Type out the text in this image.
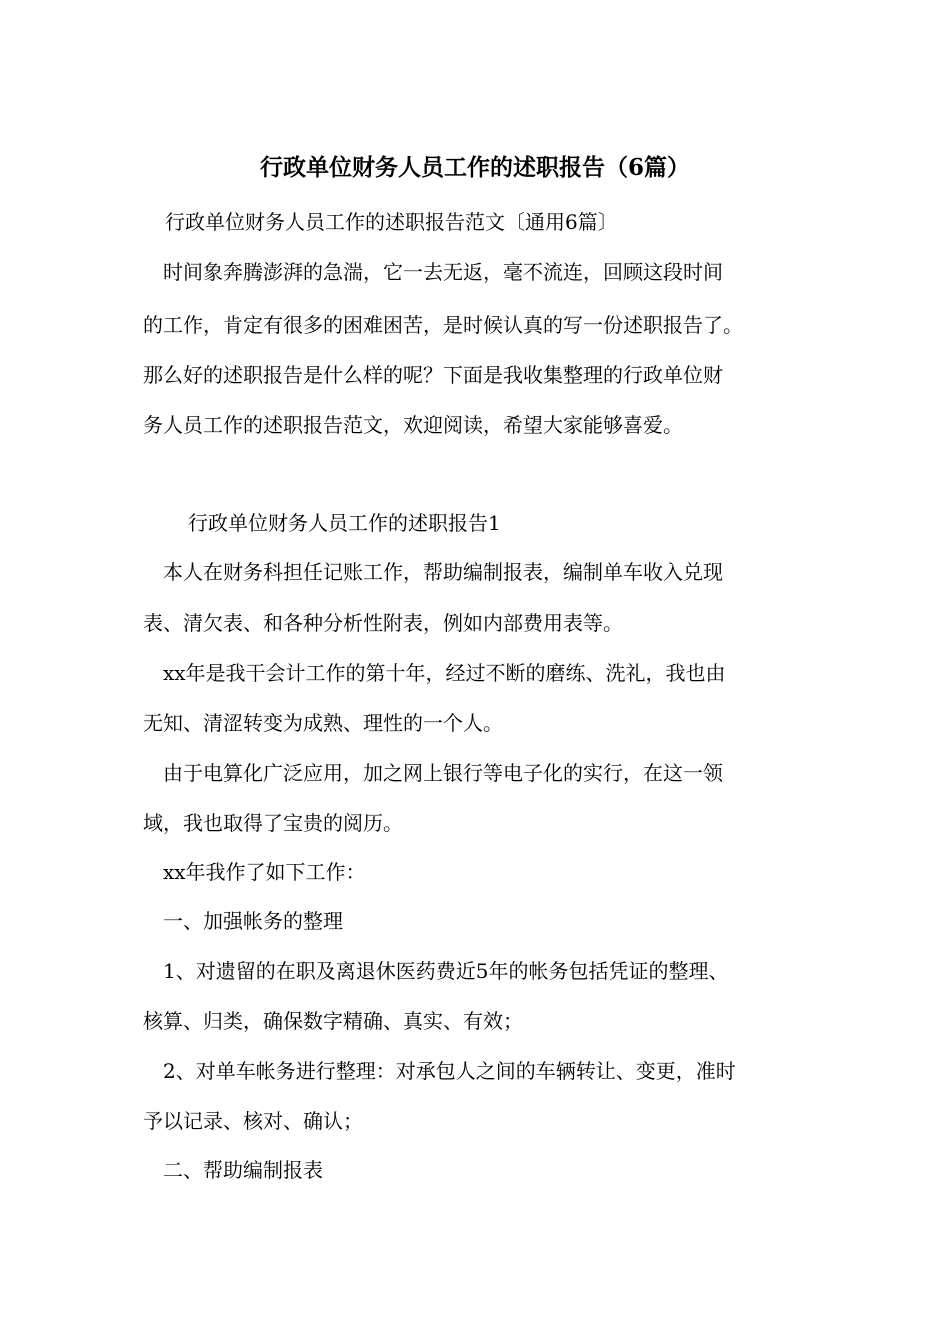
行政单位财务人员工作的述职报告（6篇）
行政单位财务人员工作的述职报告范文〔通用6篇〕
　时间象奔腾澎湃的急湍，它一去无返，毫不流连，回顾这段时间
的工作，肯定有很多的困难困苦，是时候认真的写一份述职报告了。
那么好的述职报告是什么样的呢？下面是我收集整理的行政单位财
务人员工作的述职报告范文，欢迎阅读，希望大家能够喜爱。
行政单位财务人员工作的述职报告1
　本人在财务科担任记账工作，帮助编制报表，编制单车收入兑现
表、清欠表、和各种分析性附表，例如内部费用表等。
　xx年是我干会计工作的第十年，经过不断的磨练、洗礼，我也由
无知、清涩转变为成熟、理性的一个人。
　由于电算化广泛应用，加之网上银行等电子化的实行，在这一领
域，我也取得了宝贵的阅历。
　xx年我作了如下工作：
　一、加强帐务的整理
　1、对遗留的在职及离退休医药费近5年的帐务包括凭证的整理、
核算、归类，确保数字精确、真实、有效；
　2、对单车帐务进行整理：对承包人之间的车辆转让、变更，准时
予以记录、核对、确认；
　二、帮助编制报表
